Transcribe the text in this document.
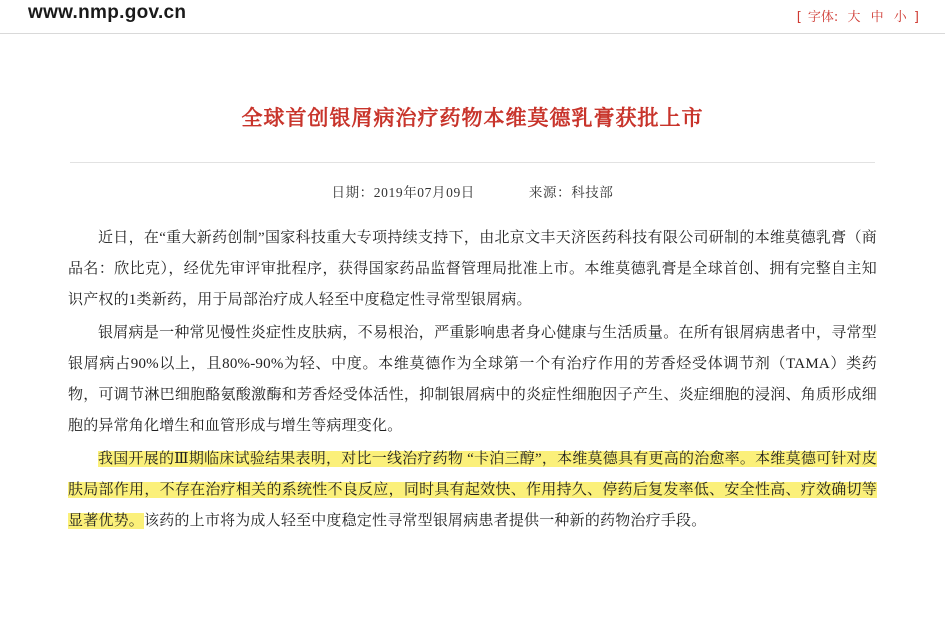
www.nmp.gov.cn	[ 字体: 大 中 小 ]
全球首创银屑病治疗药物本维莫德乳膏获批上市
日期：2019年07月09日	来源：科技部

近日，在“重大新药创制”国家科技重大专项持续支持下，由北京文丰天济医药科技有限公司研制的本维莫德乳膏（商品名：欣比克），经优先审评审批程序，获得国家药品监督管理局批准上市。本维莫德乳膏是全球首创、拥有完整自主知识产权的1类新药，用于局部治疗成人轻至中度稳定性寻常型银屑病。

银屑病是一种常见慢性炎症性皮肤病，不易根治，严重影响患者身心健康与生活质量。在所有银屑病患者中，寻常型银屑病占90%以上，且80%-90%为轻、中度。本维莫德作为全球第一个有治疗作用的芳香烃受体调节剂（TAMA）类药物，可调节淋巴细胞酪氨酸激酶和芳香烃受体活性，抑制银屑病中的炎症性细胞因子产生、炎症细胞的浸润、角质形成细胞的异常角化增生和血管形成与增生等病理变化。

我国开展的Ⅲ期临床试验结果表明，对比一线治疗药物 “卡泊三醇”，本维莫德具有更高的治愈率。本维莫德可针对皮肤局部作用，不存在治疗相关的系统性不良反应，同时具有起效快、作用持久、停药后复发率低、安全性高、疗效确切等显著优势。该药的上市将为成人轻至中度稳定性寻常型银屑病患者提供一种新的药物治疗手段。
